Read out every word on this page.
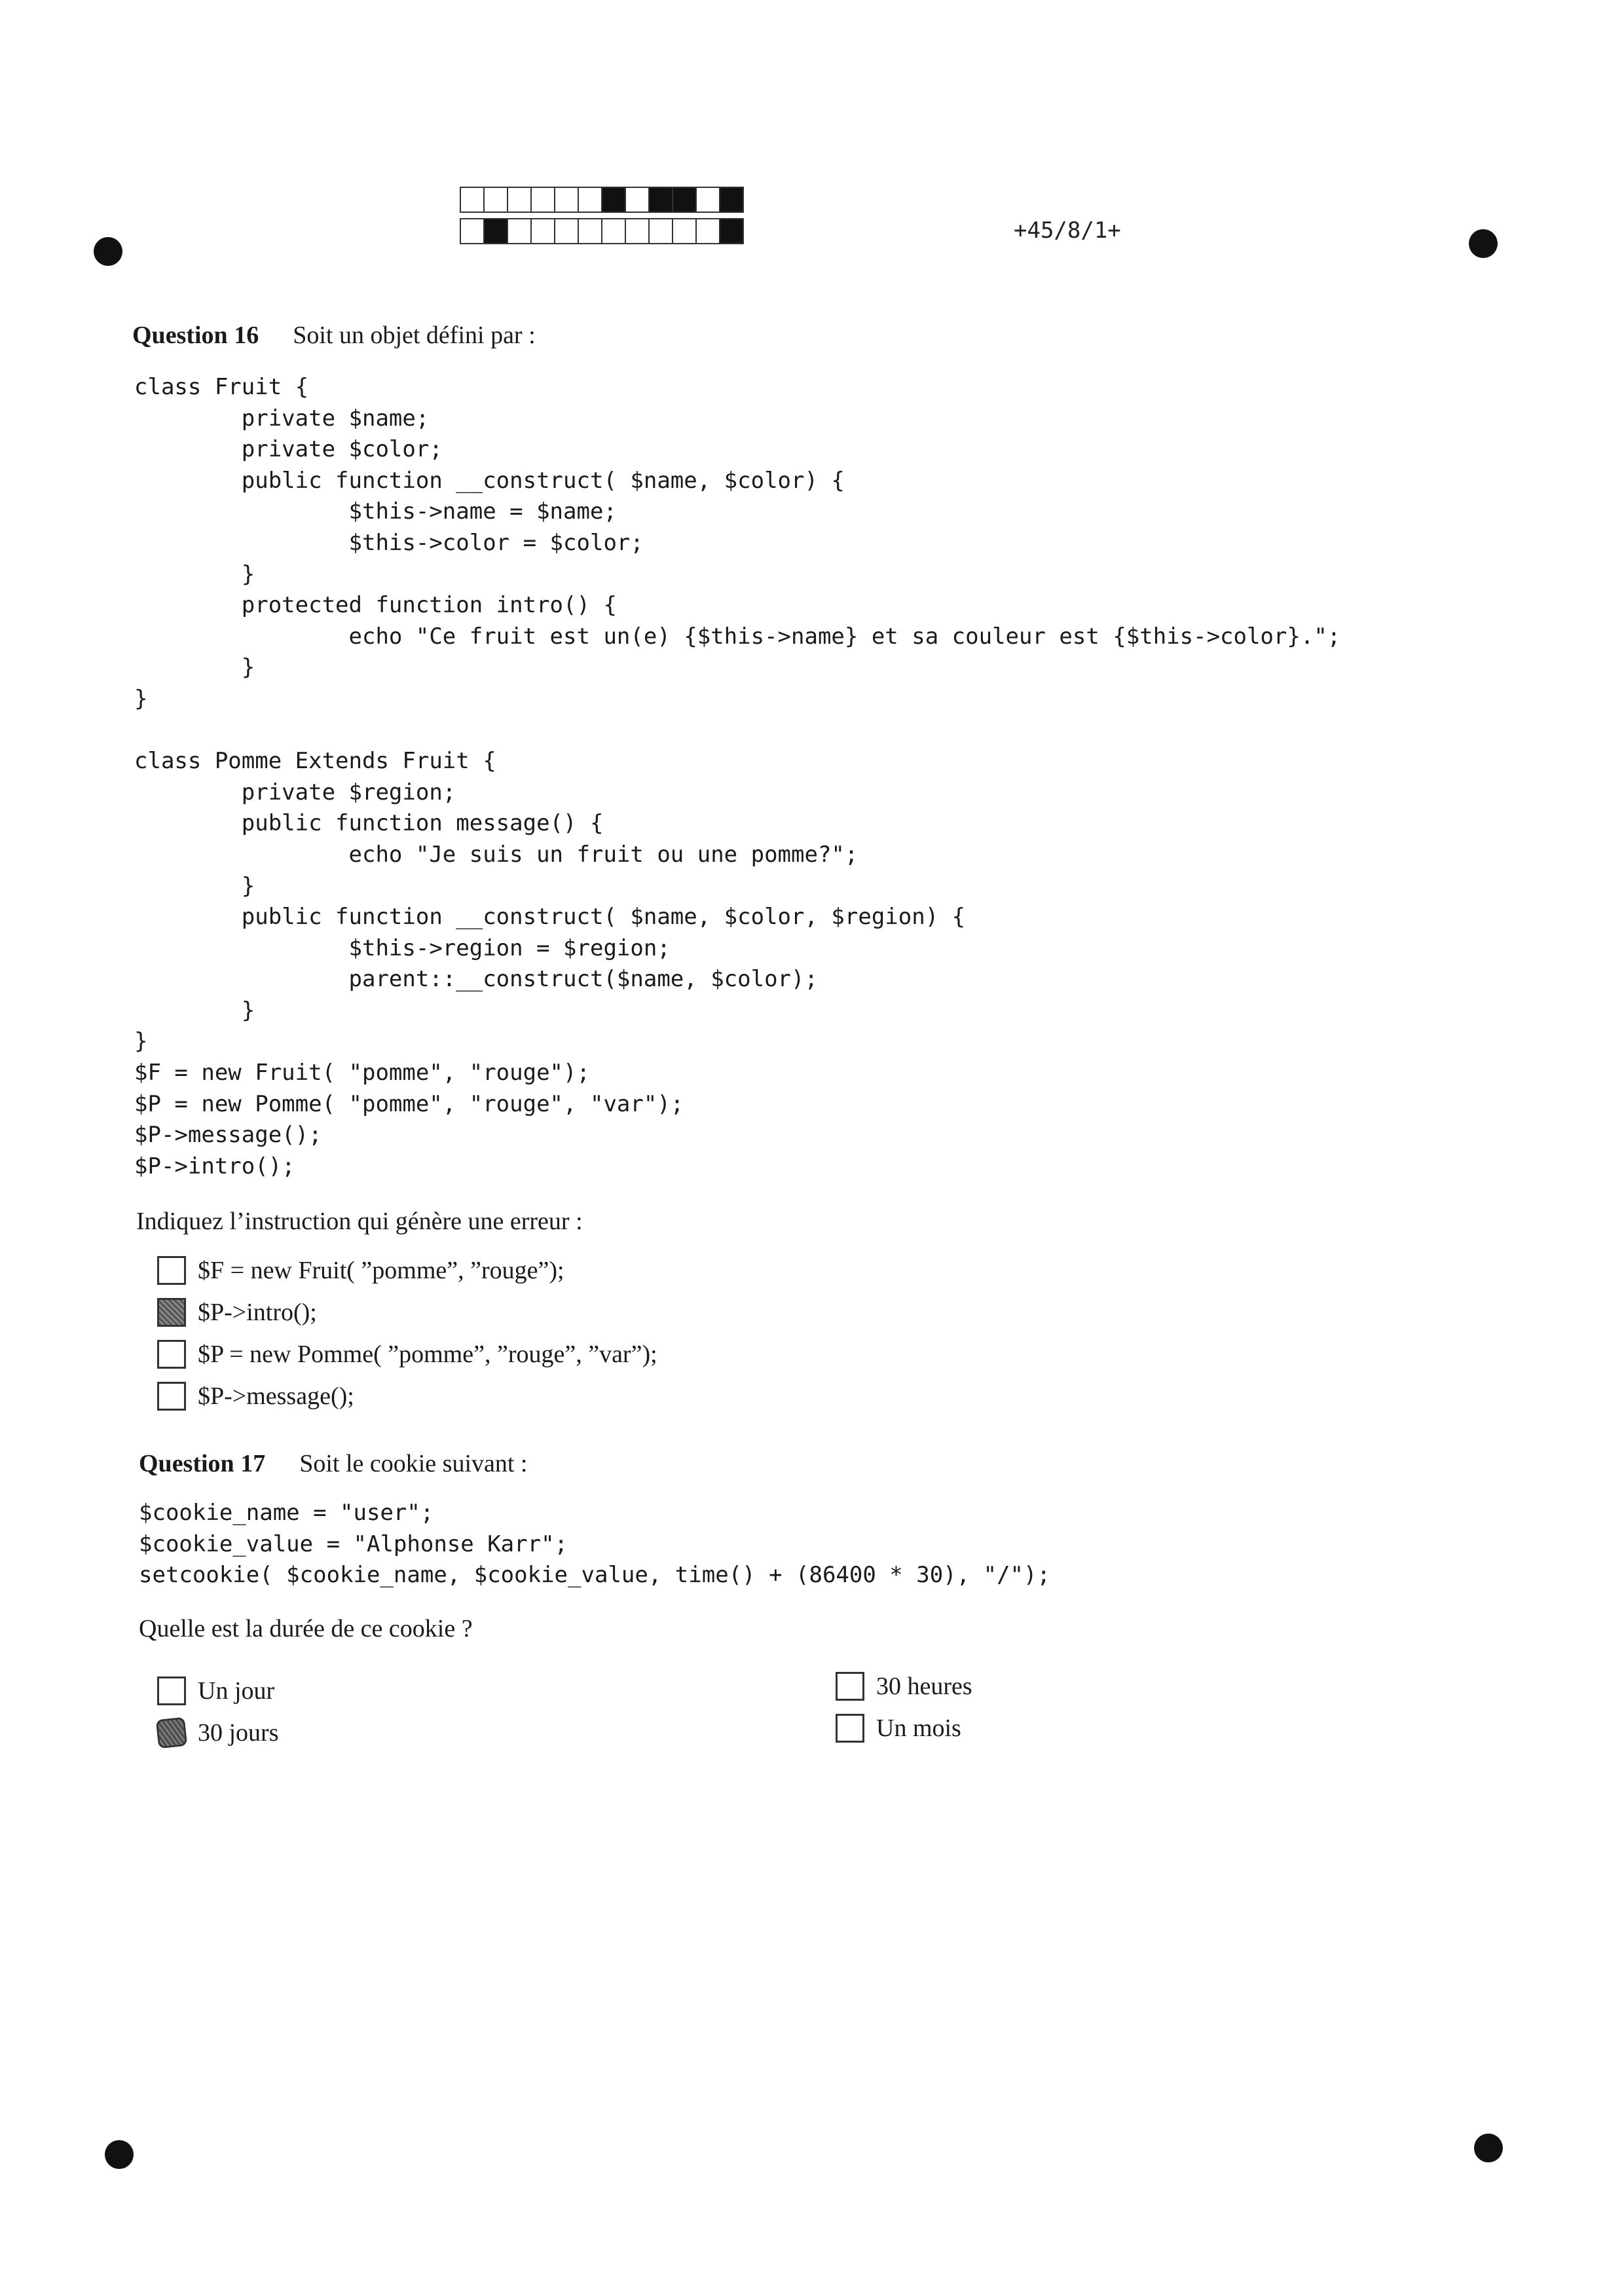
+45/8/1+
Question 16 Soit un objet défini par :
class Fruit {
private $name;
private $color;
public function __construct( $name, $color) {
$this->name = $name;
$this->color = $color;
}
protected function intro() {
echo "Ce fruit est un(e) {$this->name} et sa couleur est {$this->color}.";
}
}

class Pomme Extends Fruit {
private $region;
public function message() {
echo "Je suis un fruit ou une pomme?";
}
public function __construct( $name, $color, $region) {
$this->region = $region;
parent::__construct($name, $color);
}
}
$F = new Fruit( "pomme", "rouge");
$P = new Pomme( "pomme", "rouge", "var");
$P->message();
$P->intro();
Indiquez l’instruction qui génère une erreur :
$F = new Fruit( ”pomme”, ”rouge”);
$P->intro();
$P = new Pomme( ”pomme”, ”rouge”, ”var”);
$P->message();
Question 17 Soit le cookie suivant :
$cookie_name = "user";
$cookie_value = "Alphonse Karr";
setcookie( $cookie_name, $cookie_value, time() + (86400 * 30), "/");
Quelle est la durée de ce cookie ?
Un jour
30 jours
30 heures
Un mois
